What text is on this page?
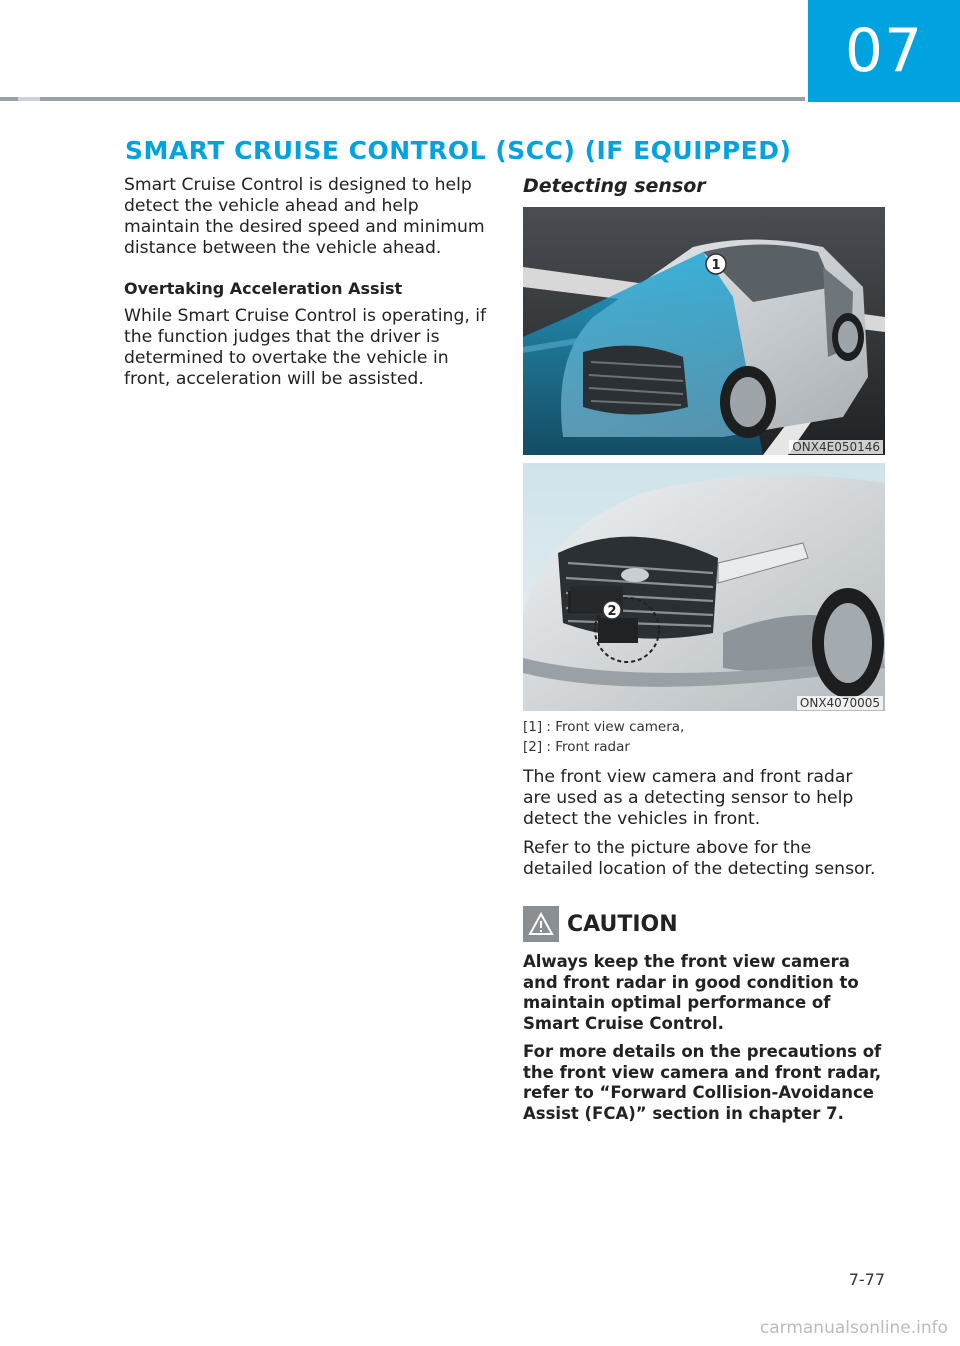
07
SMART CRUISE CONTROL (SCC) (IF EQUIPPED)

Smart Cruise Control is designed to help detect the vehicle ahead and help maintain the desired speed and minimum distance between the vehicle ahead.

Overtaking Acceleration Assist

While Smart Cruise Control is operating, if the function judges that the driver is determined to overtake the vehicle in front, acceleration will be assisted.

Detecting sensor

1
ONX4E050146
2
ONX4070005

[1] : Front view camera,

[2] : Front radar

The front view camera and front radar are used as a detecting sensor to help detect the vehicles in front.

Refer to the picture above for the detailed location of the detecting sensor.

CAUTION

Always keep the front view camera and front radar in good condition to maintain optimal performance of Smart Cruise Control.

For more details on the precautions of the front view camera and front radar, refer to “Forward Collision-Avoidance Assist (FCA)” section in chapter 7.

7-77
carmanualsonline.info
